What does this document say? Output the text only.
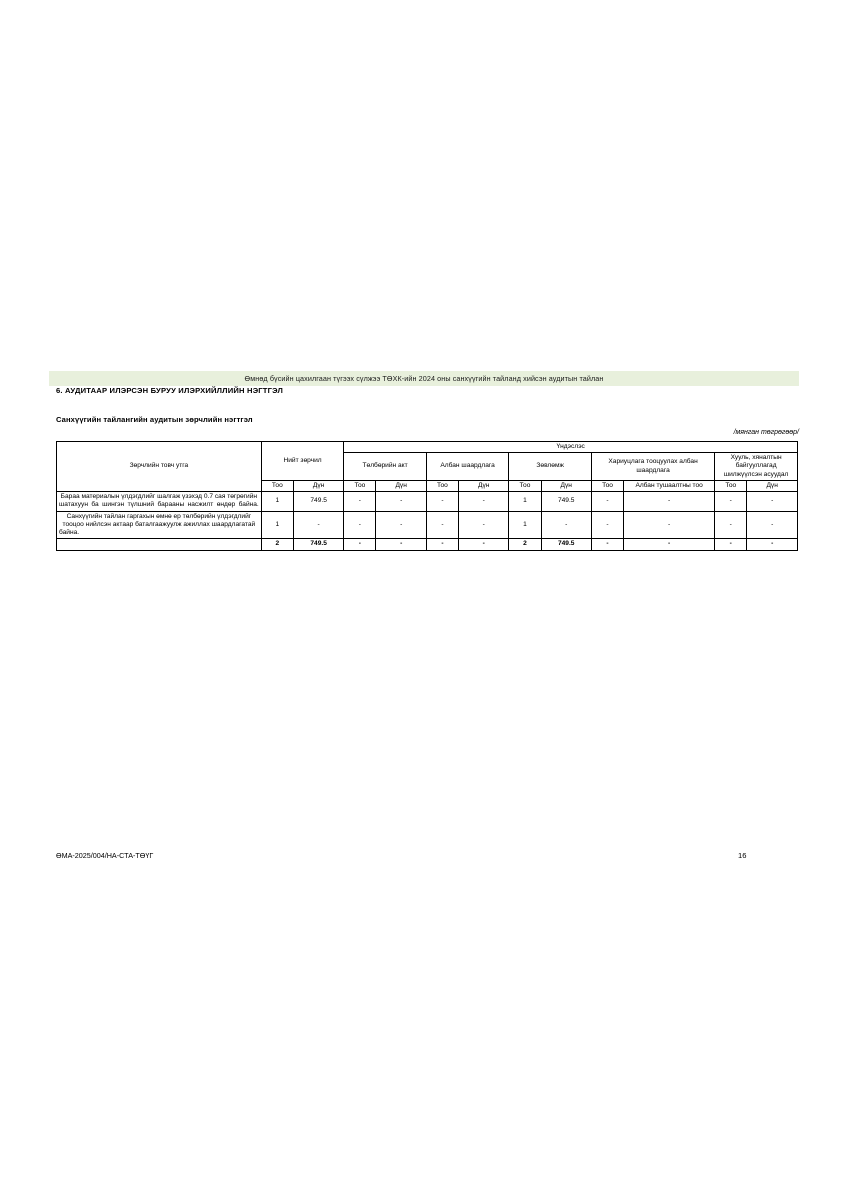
Өмнөд бүсийн цахилгаан түгээх сүлжээ ТӨХК-ийн 2024 оны санхүүгийн тайланд хийсэн аудитын тайлан
6. АУДИТААР ИЛЭРСЭН БУРУУ ИЛЭРХИЙЛЛИЙН НЭГТГЭЛ
Санхүүгийн тайлангийн аудитын зөрчлийн нэгтгэл
/мянган төгрөгөөр/
Зөрчлийн товч утга	Нийт зөрчил		Үндэслэс									
			Төлбөрийн акт		Албан шаардлага		Зөвлөмж		Хариуцлага тооцуулах албан шаардлага		Хууль, хяналтын байгууллагад шилжүүлсэн асуудал	
	Тоо	Дүн	Тоо	Дүн	Тоо	Дүн	Тоо	Дүн	Тоо	Албан тушаалтны тоо	Тоо	Дүн
Бараа материалын үлдэгдлийг шалгаж үзэхэд 0.7 сая төгрөгийн шатахуун ба шингэн түлшний барааны насжилт өндөр байна.	1	749.5	-	-	-	-	1	749.5	-	-	-	-
Санхүүгийн тайлан гаргахын өмнө ер төлбөрийн үлдэгдлийг тооцоо нийлсэн актаар баталгаажуулж ажиллах шаардлагатай байна.	1	-	-	-	-	-	1	-	-	-	-	-
	2	749.5	-	-	-	-	2	749.5	-	-	-	-
ӨМА-2025/004/НА-СТА-ТӨҮГ	16
